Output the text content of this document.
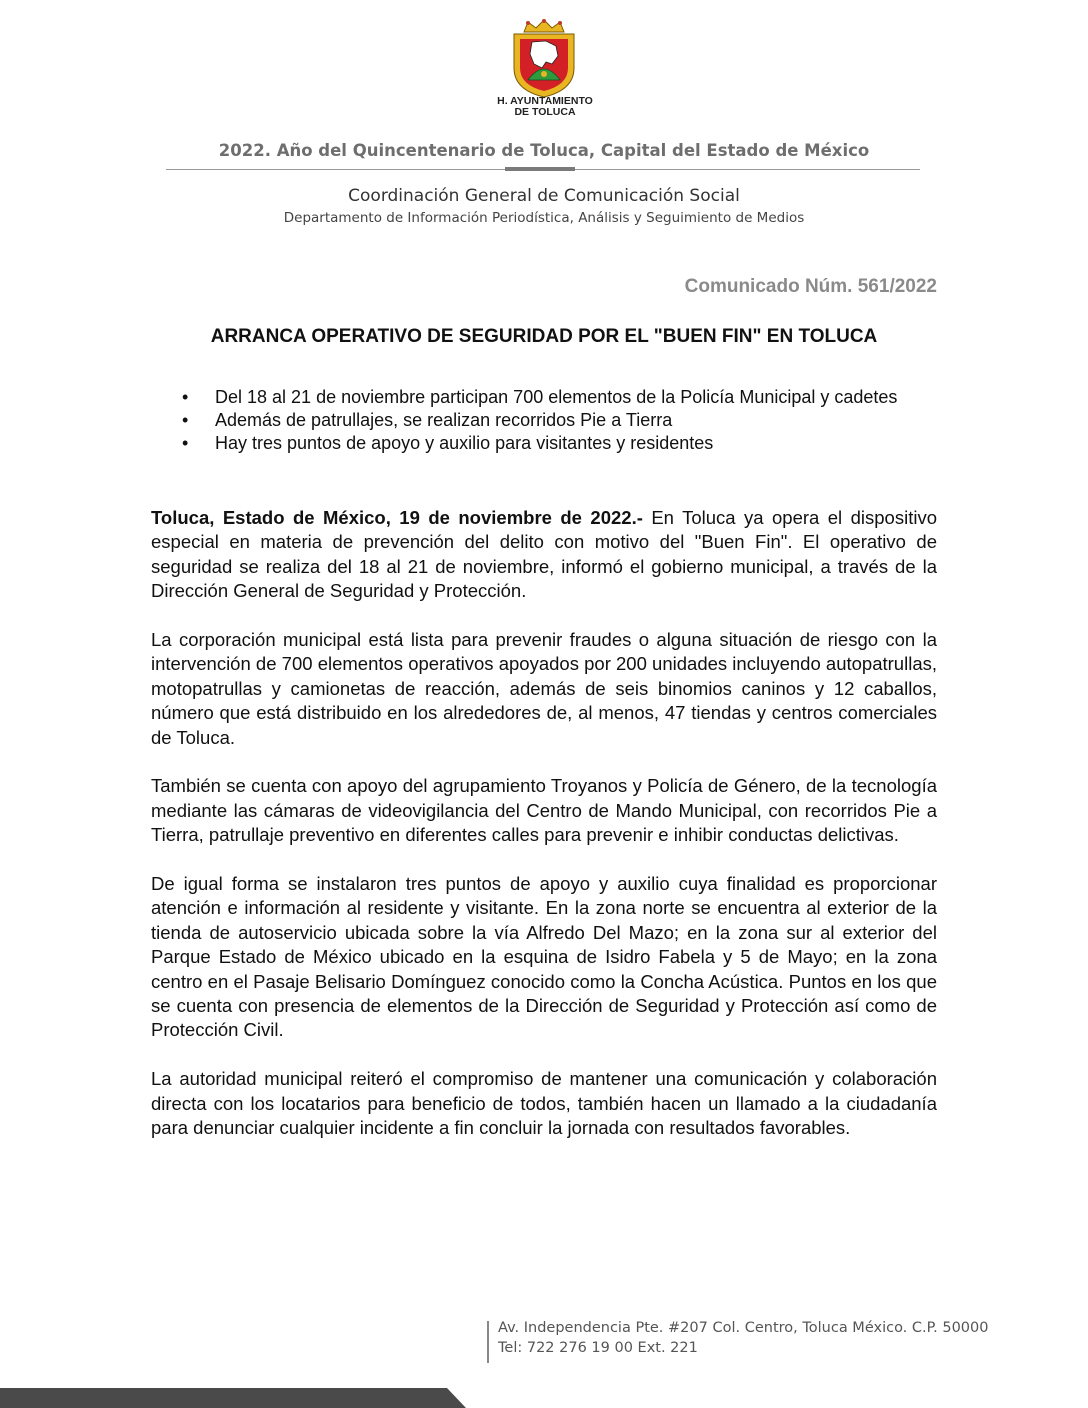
H. AYUNTAMIENTO
DE TOLUCA
2022. Año del Quincentenario de Toluca, Capital del Estado de México
Coordinación General de Comunicación Social
Departamento de Información Periodística, Análisis y Seguimiento de Medios
Comunicado Núm. 561/2022
ARRANCA OPERATIVO DE SEGURIDAD POR EL "BUEN FIN" EN TOLUCA
• Del 18 al 21 de noviembre participan 700 elementos de la Policía Municipal y cadetes
• Además de patrullajes, se realizan recorridos Pie a Tierra
• Hay tres puntos de apoyo y auxilio para visitantes y residentes

Toluca, Estado de México, 19 de noviembre de 2022.- En Toluca ya opera el dispositivo especial en materia de prevención del delito con motivo del "Buen Fin". El operativo de seguridad se realiza del 18 al 21 de noviembre, informó el gobierno municipal, a través de la Dirección General de Seguridad y Protección.

La corporación municipal está lista para prevenir fraudes o alguna situación de riesgo con la intervención de 700 elementos operativos apoyados por 200 unidades incluyendo autopatrullas, motopatrullas y camionetas de reacción, además de seis binomios caninos y 12 caballos, número que está distribuido en los alrededores de, al menos, 47 tiendas y centros comerciales de Toluca.

También se cuenta con apoyo del agrupamiento Troyanos y Policía de Género, de la tecnología mediante las cámaras de videovigilancia del Centro de Mando Municipal, con recorridos Pie a Tierra, patrullaje preventivo en diferentes calles para prevenir e inhibir conductas delictivas.

De igual forma se instalaron tres puntos de apoyo y auxilio cuya finalidad es proporcionar atención e información al residente y visitante. En la zona norte se encuentra al exterior de la tienda de autoservicio ubicada sobre la vía Alfredo Del Mazo; en la zona sur al exterior del Parque Estado de México ubicado en la esquina de Isidro Fabela y 5 de Mayo; en la zona centro en el Pasaje Belisario Domínguez conocido como la Concha Acústica. Puntos en los que se cuenta con presencia de elementos de la Dirección de Seguridad y Protección así como de Protección Civil.

La autoridad municipal reiteró el compromiso de mantener una comunicación y colaboración directa con los locatarios para beneficio de todos, también hacen un llamado a la ciudadanía para denunciar cualquier incidente a fin concluir la jornada con resultados favorables.

Av. Independencia Pte. #207 Col. Centro, Toluca México. C.P. 50000
Tel: 722 276 19 00 Ext. 221
